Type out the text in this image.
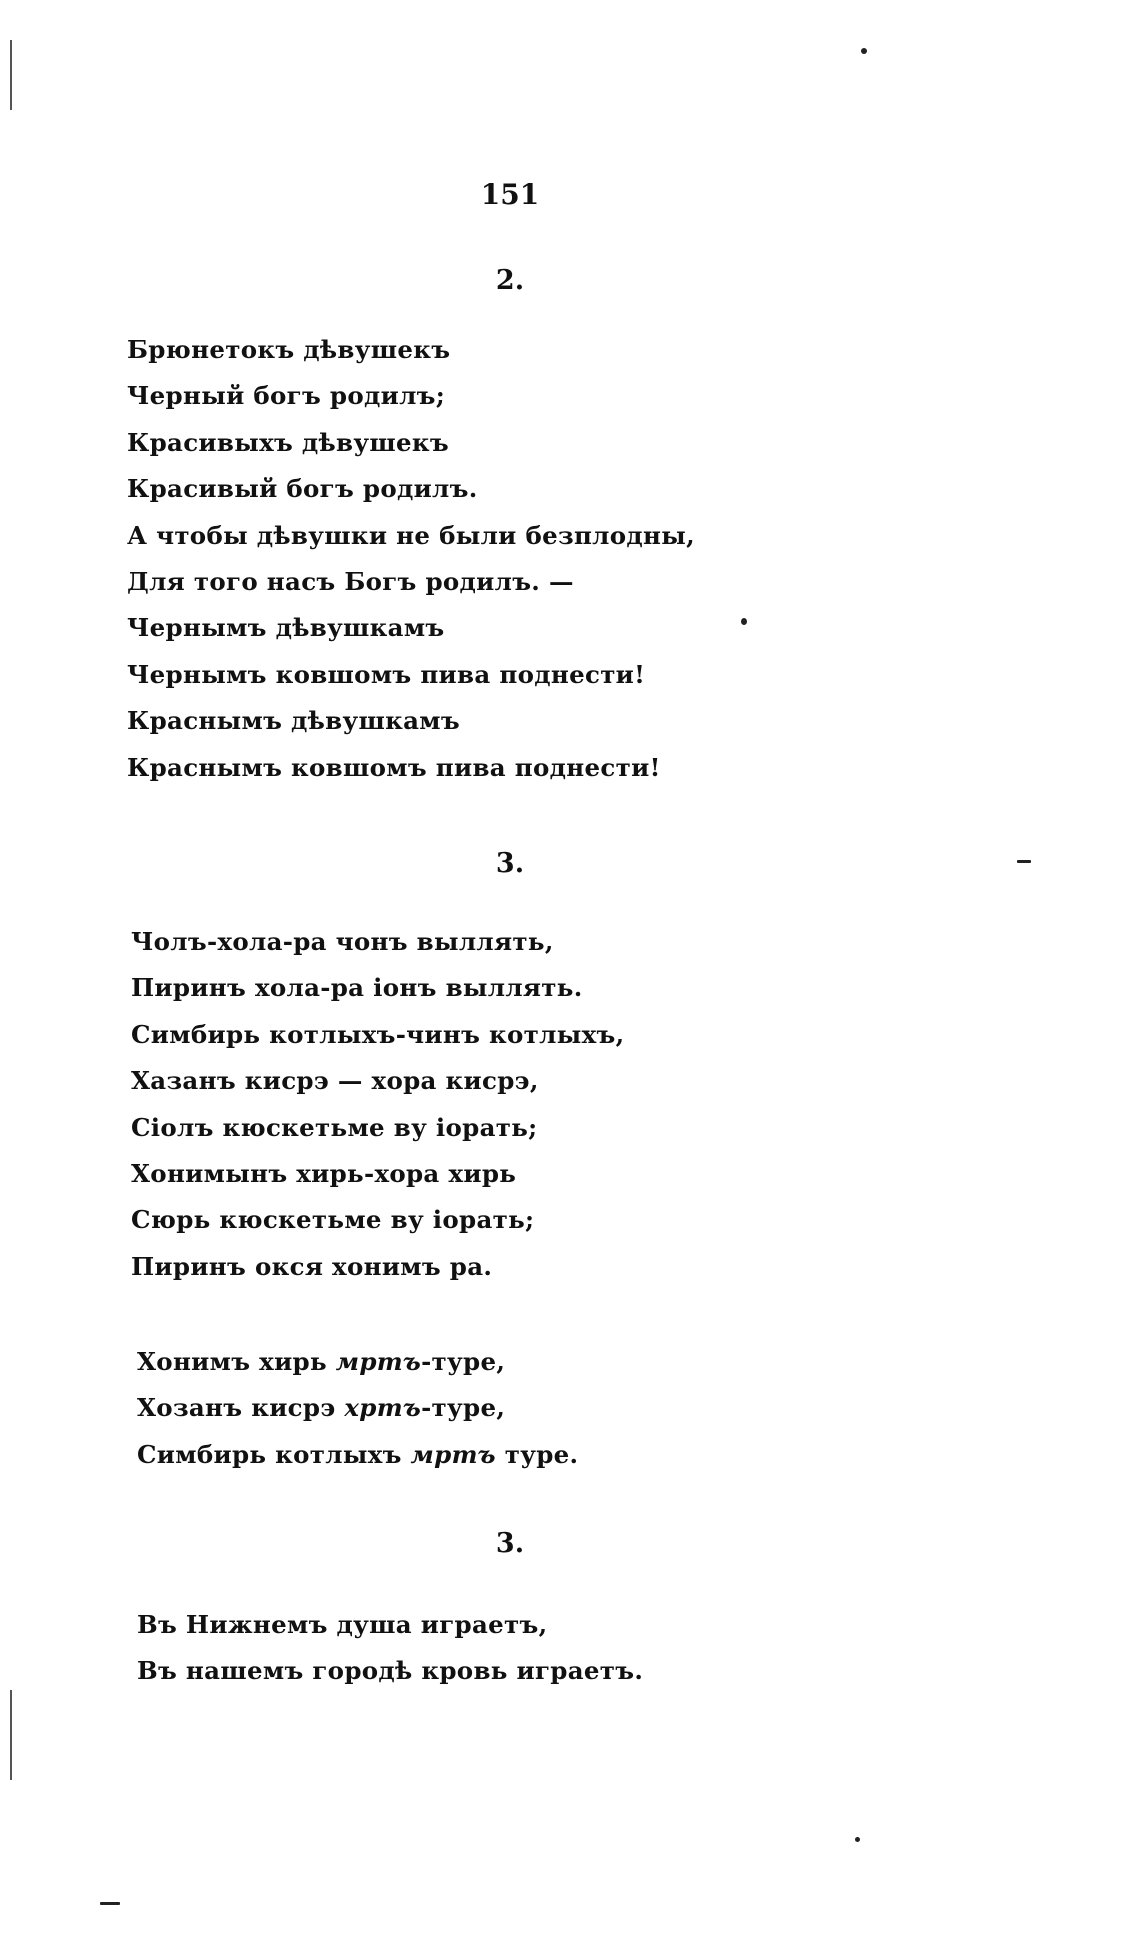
151
2.
Брюнетокъ дѣвушекъ
Черный богъ родилъ;
Красивыхъ дѣвушекъ
Красивый богъ родилъ.
А чтобы дѣвушки не были безплодны,
Для того насъ Богъ родилъ. —
Чернымъ дѣвушкамъ
Чернымъ ковшомъ пива поднести!
Краснымъ дѣвушкамъ
Краснымъ ковшомъ пива поднести!
3.
Чолъ-хола-ра чонъ выллять,
Пиринъ хола-ра іонъ выллять.
Симбирь котлыхъ-чинъ котлыхъ,
Хазанъ кисрэ — хора кисрэ,
Сіолъ кюскетьме ву іорать;
Хонимынъ хирь-хора хирь
Сюрь кюскетьме ву іорать;
Пиринъ окся хонимъ ра.
Хонимъ хирь мртъ-туре,
Хозанъ кисрэ хртъ-туре,
Симбирь котлыхъ мртъ туре.
3.
Въ Нижнемъ душа играетъ,
Въ нашемъ городѣ кровь играетъ.
